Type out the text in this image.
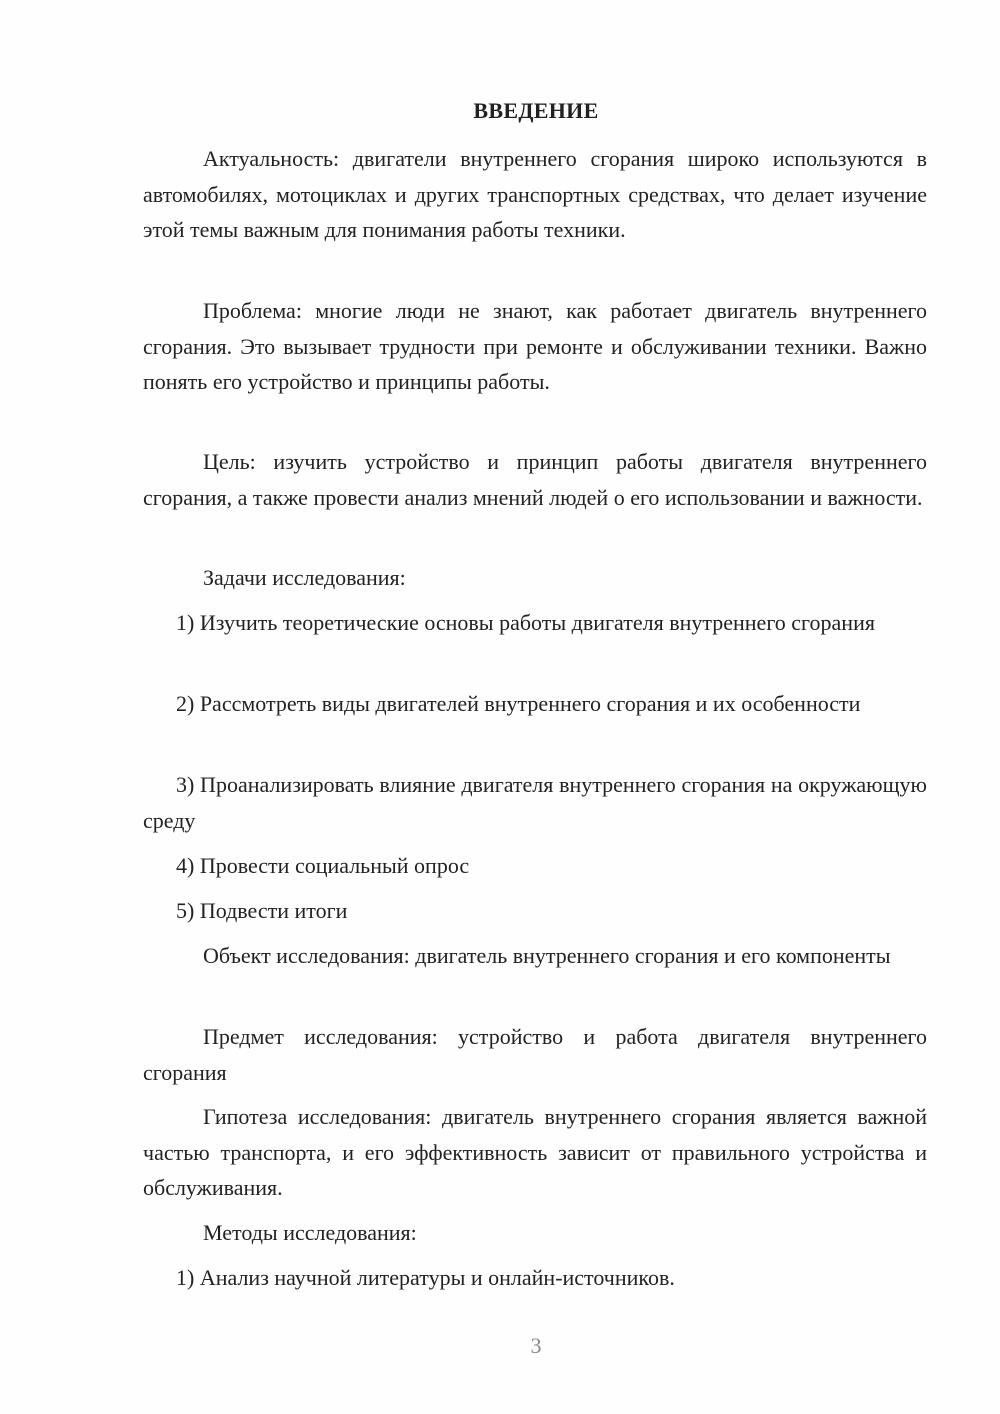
ВВЕДЕНИЕ

Актуальность: двигатели внутреннего сгорания широко используются в автомобилях, мотоциклах и других транспортных средствах, что делает изучение этой темы важным для понимания работы техники.

Проблема: многие люди не знают, как работает двигатель внутреннего сгорания. Это вызывает трудности при ремонте и обслуживании техники. Важно понять его устройство и принципы работы.

Цель: изучить устройство и принцип работы двигателя внутреннего сгорания, а также провести анализ мнений людей о его использовании и важности.

Задачи исследования:

1) Изучить теоретические основы работы двигателя внутреннего сгорания

2) Рассмотреть виды двигателей внутреннего сгорания и их особенности

3) Проанализировать влияние двигателя внутреннего сгорания на окружающую среду

4) Провести социальный опрос

5) Подвести итоги

Объект исследования: двигатель внутреннего сгорания и его компоненты

Предмет исследования: устройство и работа двигателя внутреннего сгорания

Гипотеза исследования: двигатель внутреннего сгорания является важной частью транспорта, и его эффективность зависит от правильного устройства и обслуживания.

Методы исследования:

1) Анализ научной литературы и онлайн-источников.

3
